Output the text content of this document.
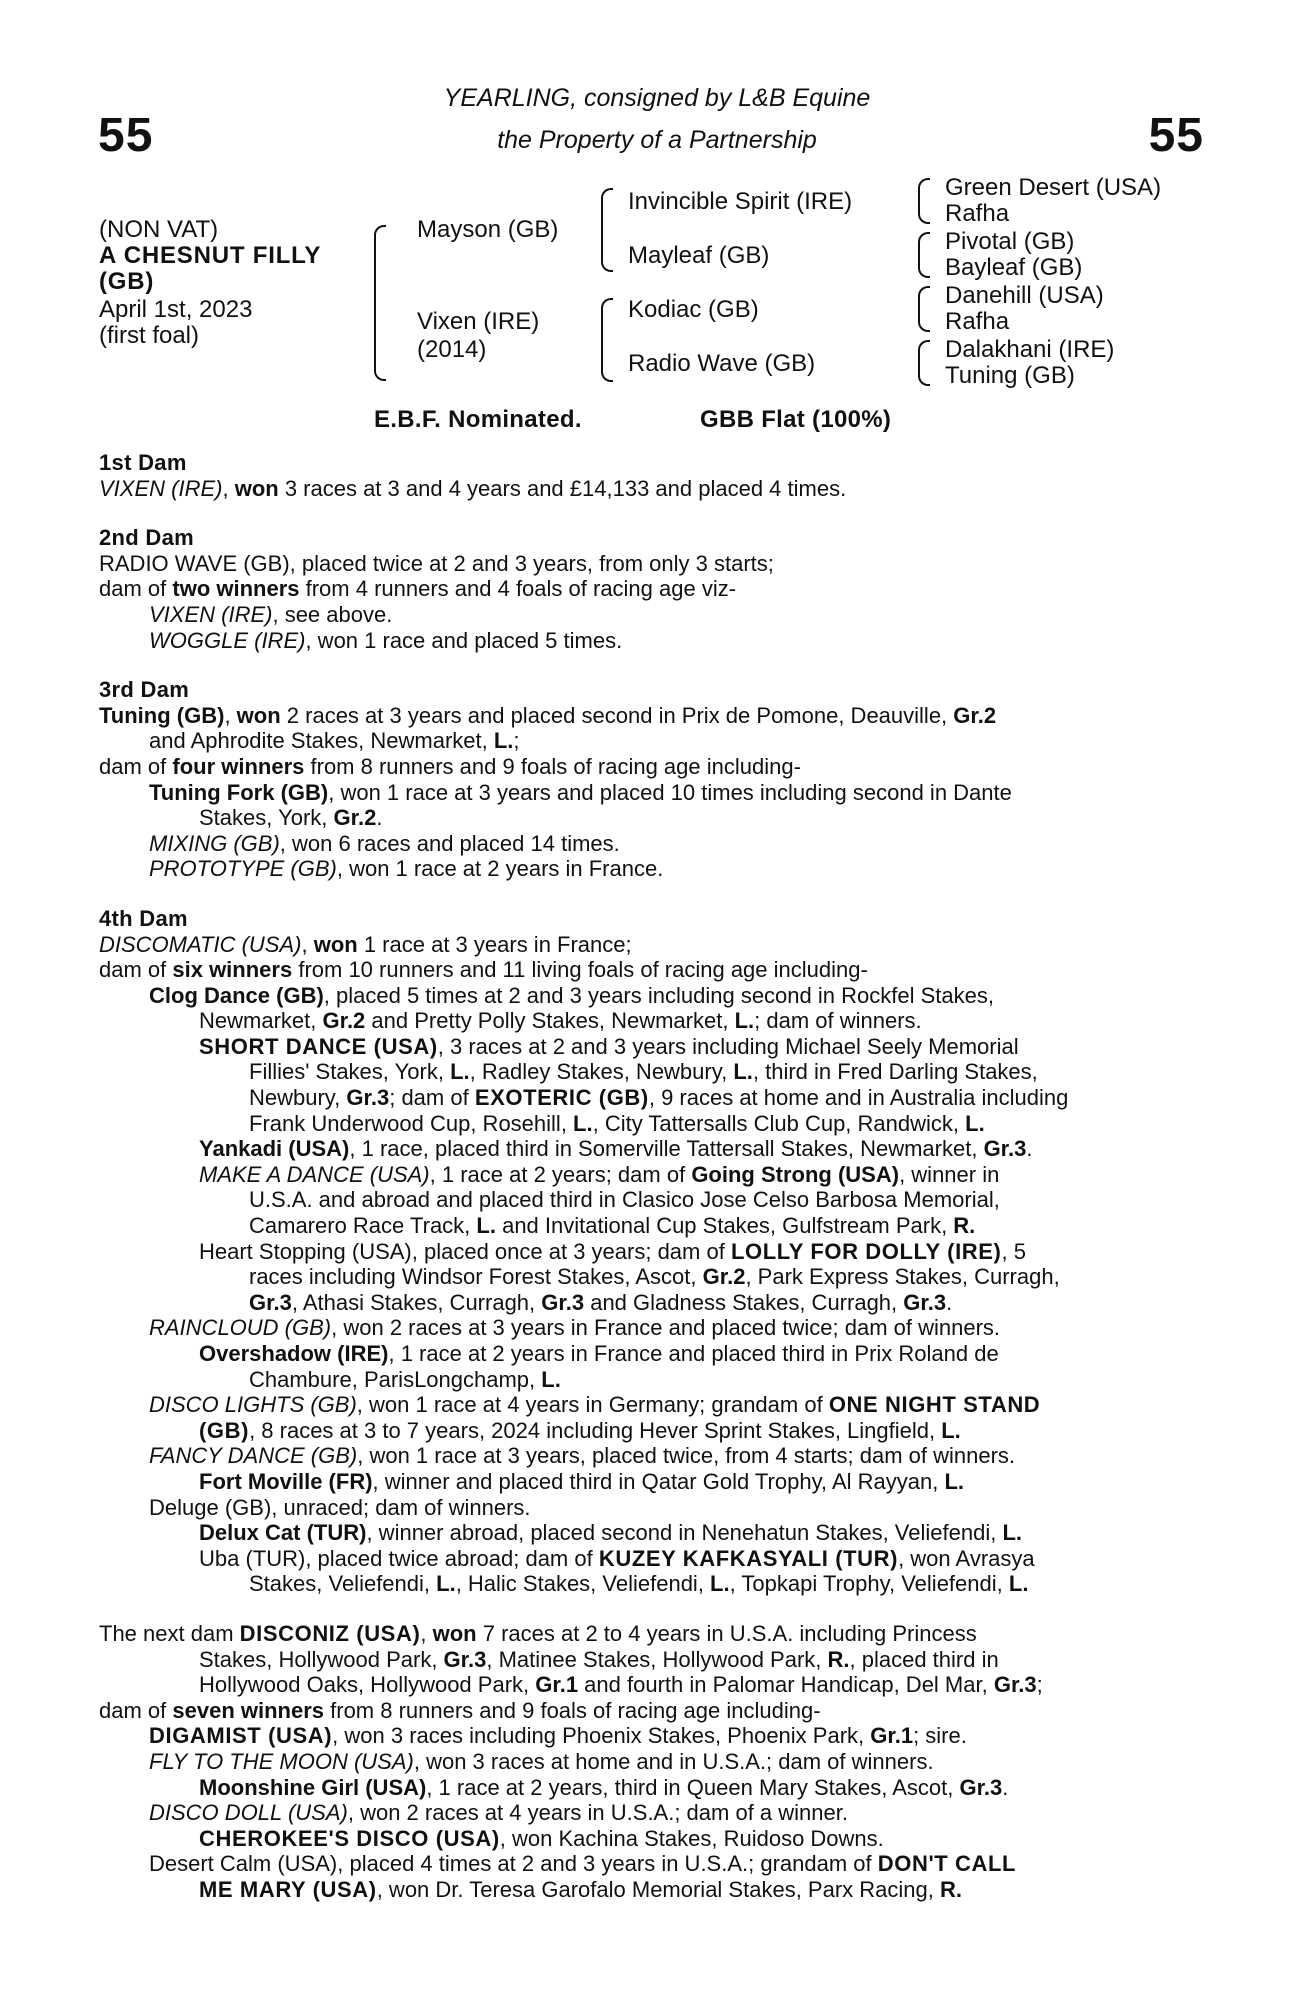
55	55
YEARLING, consigned by L&B Equine
the Property of a Partnership
(NON VAT)
A CHESNUT FILLY
(GB)
April 1st, 2023
(first foal)
Mayson (GB)
Vixen (IRE)
(2014)
Invincible Spirit (IRE)
Mayleaf (GB)
Kodiac (GB)
Radio Wave (GB)
Green Desert (USA)
Rafha
Pivotal (GB)
Bayleaf (GB)
Danehill (USA)
Rafha
Dalakhani (IRE)
Tuning (GB)
E.B.F. Nominated.	GBB Flat (100%)
1st Dam
VIXEN (IRE), won 3 races at 3 and 4 years and £14,133 and placed 4 times.
2nd Dam
RADIO WAVE (GB), placed twice at 2 and 3 years, from only 3 starts;
dam of two winners from 4 runners and 4 foals of racing age viz-
VIXEN (IRE), see above.
WOGGLE (IRE), won 1 race and placed 5 times.
3rd Dam
Tuning (GB), won 2 races at 3 years and placed second in Prix de Pomone, Deauville, Gr.2
and Aphrodite Stakes, Newmarket, L.;
dam of four winners from 8 runners and 9 foals of racing age including-
Tuning Fork (GB), won 1 race at 3 years and placed 10 times including second in Dante
Stakes, York, Gr.2.
MIXING (GB), won 6 races and placed 14 times.
PROTOTYPE (GB), won 1 race at 2 years in France.
4th Dam
DISCOMATIC (USA), won 1 race at 3 years in France;
dam of six winners from 10 runners and 11 living foals of racing age including-
Clog Dance (GB), placed 5 times at 2 and 3 years including second in Rockfel Stakes,
Newmarket, Gr.2 and Pretty Polly Stakes, Newmarket, L.; dam of winners.
SHORT DANCE (USA), 3 races at 2 and 3 years including Michael Seely Memorial
Fillies' Stakes, York, L., Radley Stakes, Newbury, L., third in Fred Darling Stakes,
Newbury, Gr.3; dam of EXOTERIC (GB), 9 races at home and in Australia including
Frank Underwood Cup, Rosehill, L., City Tattersalls Club Cup, Randwick, L.
Yankadi (USA), 1 race, placed third in Somerville Tattersall Stakes, Newmarket, Gr.3.
MAKE A DANCE (USA), 1 race at 2 years; dam of Going Strong (USA), winner in
U.S.A. and abroad and placed third in Clasico Jose Celso Barbosa Memorial,
Camarero Race Track, L. and Invitational Cup Stakes, Gulfstream Park, R.
Heart Stopping (USA), placed once at 3 years; dam of LOLLY FOR DOLLY (IRE), 5
races including Windsor Forest Stakes, Ascot, Gr.2, Park Express Stakes, Curragh,
Gr.3, Athasi Stakes, Curragh, Gr.3 and Gladness Stakes, Curragh, Gr.3.
RAINCLOUD (GB), won 2 races at 3 years in France and placed twice; dam of winners.
Overshadow (IRE), 1 race at 2 years in France and placed third in Prix Roland de
Chambure, ParisLongchamp, L.
DISCO LIGHTS (GB), won 1 race at 4 years in Germany; grandam of ONE NIGHT STAND
(GB), 8 races at 3 to 7 years, 2024 including Hever Sprint Stakes, Lingfield, L.
FANCY DANCE (GB), won 1 race at 3 years, placed twice, from 4 starts; dam of winners.
Fort Moville (FR), winner and placed third in Qatar Gold Trophy, Al Rayyan, L.
Deluge (GB), unraced; dam of winners.
Delux Cat (TUR), winner abroad, placed second in Nenehatun Stakes, Veliefendi, L.
Uba (TUR), placed twice abroad; dam of KUZEY KAFKASYALI (TUR), won Avrasya
Stakes, Veliefendi, L., Halic Stakes, Veliefendi, L., Topkapi Trophy, Veliefendi, L.
The next dam DISCONIZ (USA), won 7 races at 2 to 4 years in U.S.A. including Princess
Stakes, Hollywood Park, Gr.3, Matinee Stakes, Hollywood Park, R., placed third in
Hollywood Oaks, Hollywood Park, Gr.1 and fourth in Palomar Handicap, Del Mar, Gr.3;
dam of seven winners from 8 runners and 9 foals of racing age including-
DIGAMIST (USA), won 3 races including Phoenix Stakes, Phoenix Park, Gr.1; sire.
FLY TO THE MOON (USA), won 3 races at home and in U.S.A.; dam of winners.
Moonshine Girl (USA), 1 race at 2 years, third in Queen Mary Stakes, Ascot, Gr.3.
DISCO DOLL (USA), won 2 races at 4 years in U.S.A.; dam of a winner.
CHEROKEE'S DISCO (USA), won Kachina Stakes, Ruidoso Downs.
Desert Calm (USA), placed 4 times at 2 and 3 years in U.S.A.; grandam of DON'T CALL
ME MARY (USA), won Dr. Teresa Garofalo Memorial Stakes, Parx Racing, R.
